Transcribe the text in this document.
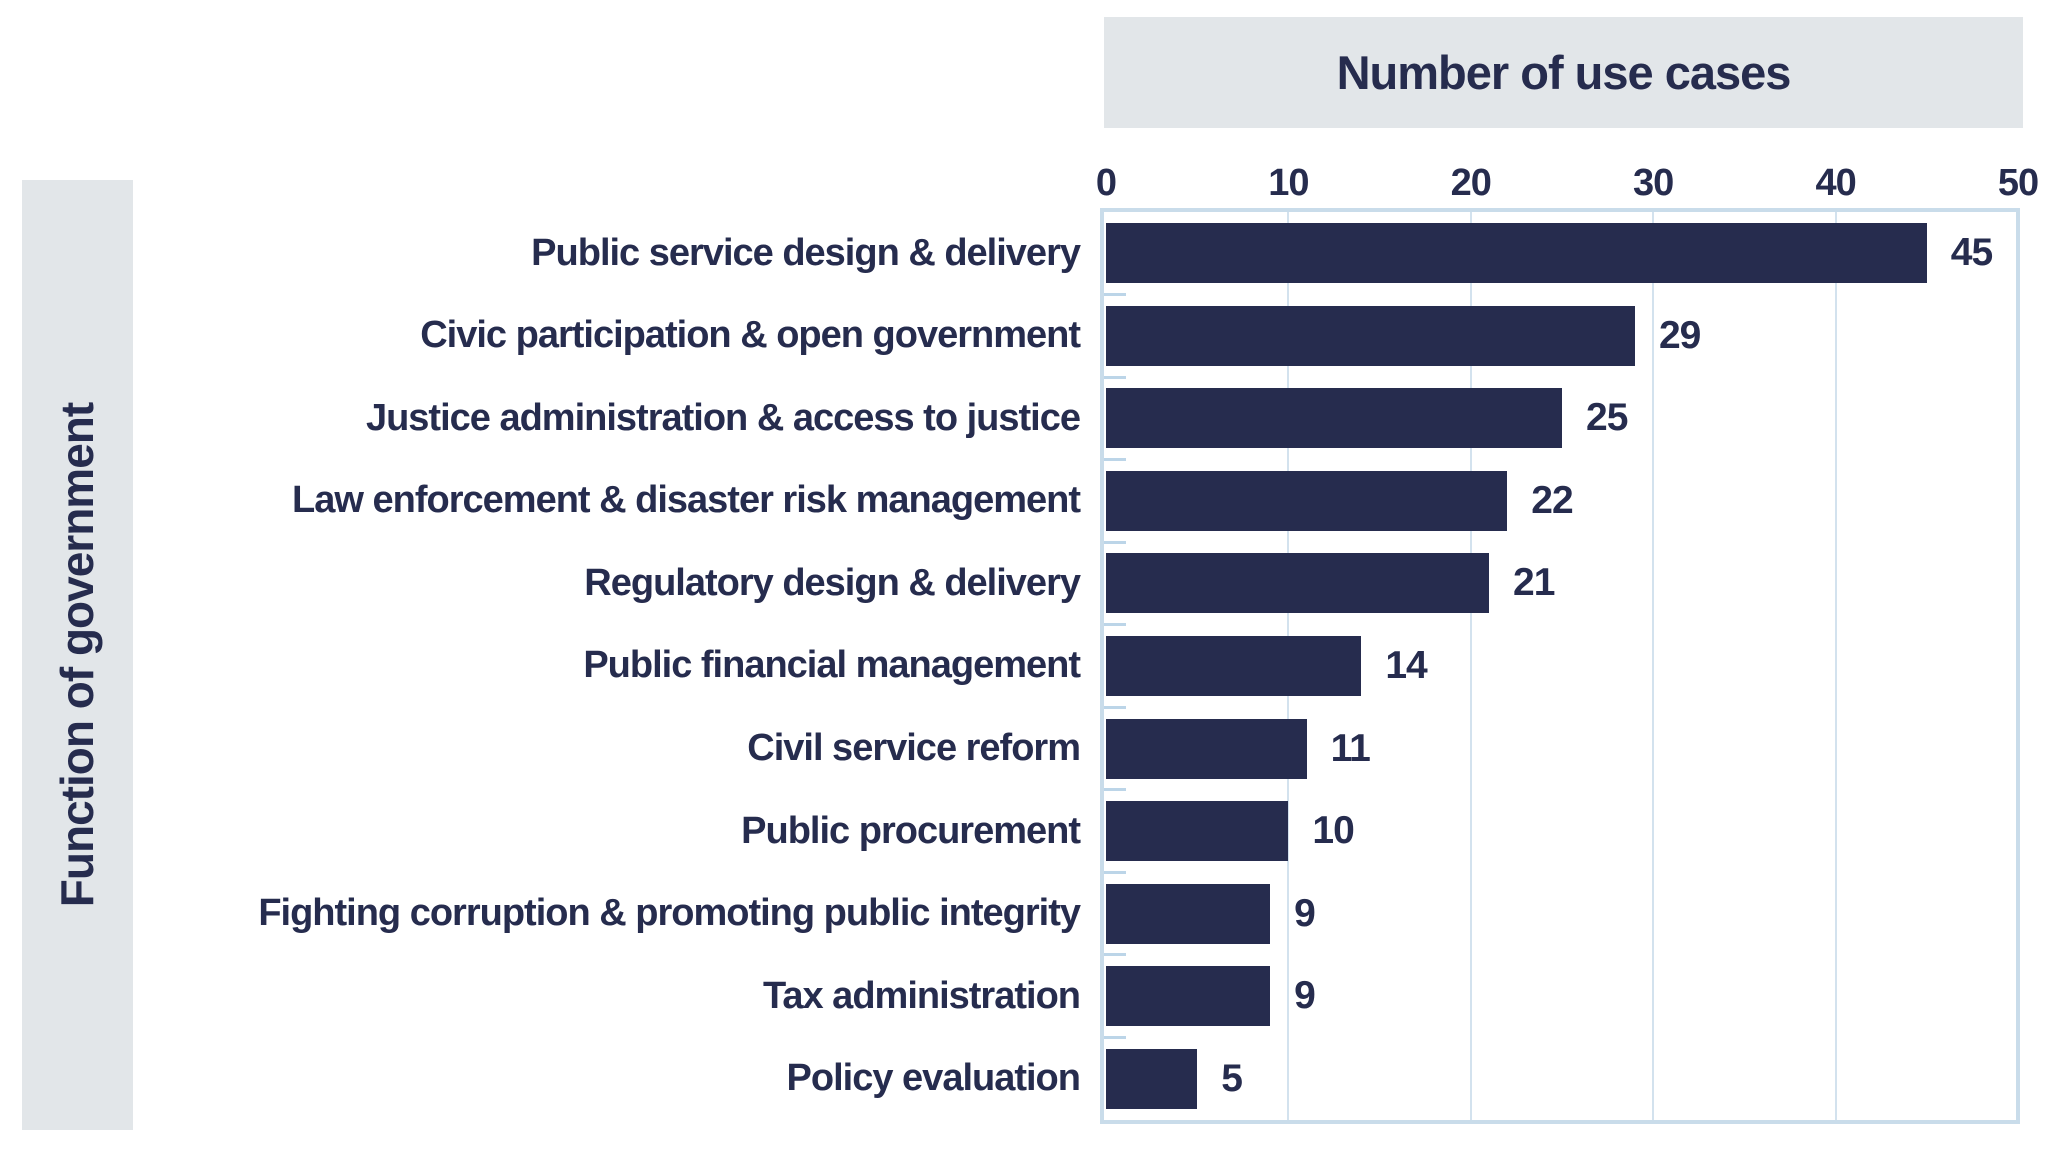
Function of government
Number of use cases
0	10	20	30	40	50
Public service design & delivery
Civic participation & open government
Justice administration & access to justice
Law enforcement & disaster risk management
Regulatory design & delivery
Public financial management
Civil service reform
Public procurement
Fighting corruption & promoting public integrity
Tax administration
Policy evaluation
45
29
25
22
21
14
11
10
9
9
5
